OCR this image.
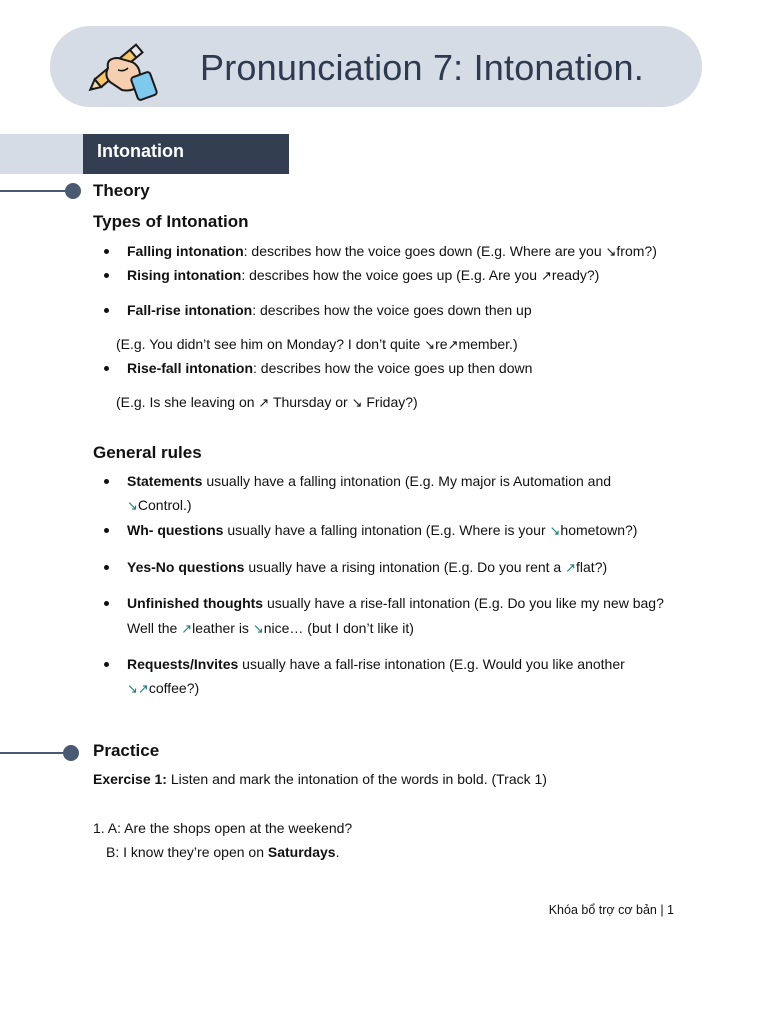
Pronunciation 7: Intonation.
Intonation
Theory
Types of Intonation
Falling intonation: describes how the voice goes down (E.g. Where are you ↘from?)
Rising intonation: describes how the voice goes up (E.g. Are you ↗ready?)
Fall-rise intonation: describes how the voice goes down then up
(E.g. You didn’t see him on Monday? I don’t quite ↘re↗member.)
Rise-fall intonation: describes how the voice goes up then down
(E.g. Is she leaving on ↗ Thursday or ↘ Friday?)
General rules
Statements usually have a falling intonation (E.g. My major is Automation and
↘Control.)
Wh- questions usually have a falling intonation (E.g. Where is your ↘hometown?)
Yes-No questions usually have a rising intonation (E.g. Do you rent a ↗flat?)
Unfinished thoughts usually have a rise-fall intonation (E.g. Do you like my new bag?
Well the ↗leather is ↘nice… (but I don’t like it)
Requests/Invites usually have a fall-rise intonation (E.g. Would you like another
↘↗coffee?)
Practice
Exercise 1: Listen and mark the intonation of the words in bold. (Track 1)
1. A: Are the shops open at the weekend?
B: I know they’re open on Saturdays.
Khóa bổ trợ cơ bản | 1
